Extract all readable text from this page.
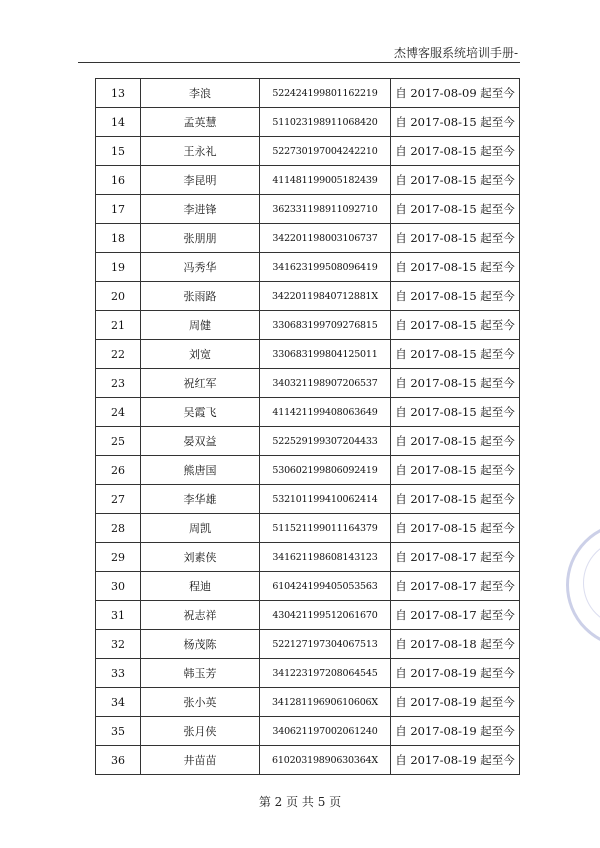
杰博客服系统培训手册-
13	李浪	522424199801162219	自 2017-08-09 起至今
14	孟英慧	511023198911068420	自 2017-08-15 起至今
15	王永礼	522730197004242210	自 2017-08-15 起至今
16	李昆明	411481199005182439	自 2017-08-15 起至今
17	李进锋	362331198911092710	自 2017-08-15 起至今
18	张朋朋	342201198003106737	自 2017-08-15 起至今
19	冯秀华	341623199508096419	自 2017-08-15 起至今
20	张雨路	34220119840712881X	自 2017-08-15 起至今
21	周健	330683199709276815	自 2017-08-15 起至今
22	刘宽	330683199804125011	自 2017-08-15 起至今
23	祝红军	340321198907206537	自 2017-08-15 起至今
24	吴霞飞	411421199408063649	自 2017-08-15 起至今
25	晏双益	522529199307204433	自 2017-08-15 起至今
26	熊唐国	530602199806092419	自 2017-08-15 起至今
27	李华雄	532101199410062414	自 2017-08-15 起至今
28	周凯	511521199011164379	自 2017-08-15 起至今
29	刘素侠	341621198608143123	自 2017-08-17 起至今
30	程迪	610424199405053563	自 2017-08-17 起至今
31	祝志祥	430421199512061670	自 2017-08-17 起至今
32	杨茂陈	522127197304067513	自 2017-08-18 起至今
33	韩玉芳	341223197208064545	自 2017-08-19 起至今
34	张小英	34128119690610606X	自 2017-08-19 起至今
35	张月侠	340621197002061240	自 2017-08-19 起至今
36	井苗苗	61020319890630364X	自 2017-08-19 起至今
第 2 页 共 5 页
